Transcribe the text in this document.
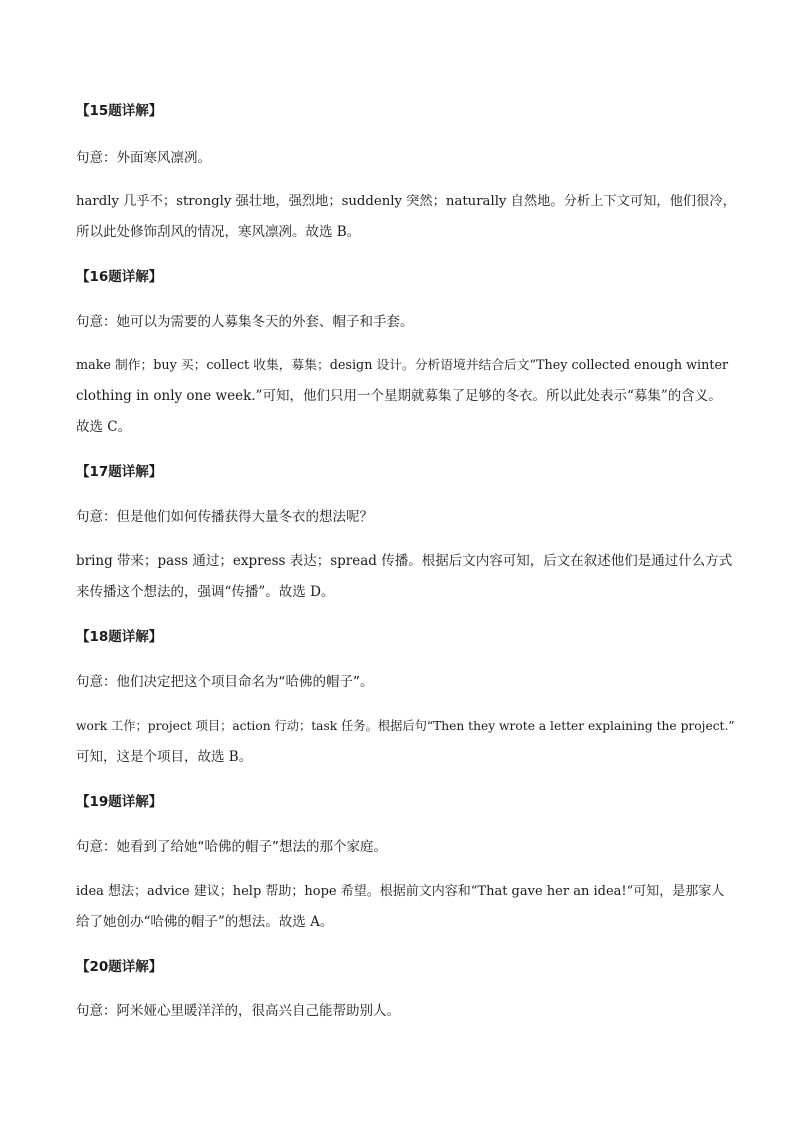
【15题详解】
句意：外面寒风凛冽。
hardly 几乎不；strongly 强壮地，强烈地；suddenly 突然；naturally 自然地。分析上下文可知，他们很冷，
所以此处修饰刮风的情况，寒风凛冽。故选 B。
【16题详解】
句意：她可以为需要的人募集冬天的外套、帽子和手套。
make 制作；buy 买；collect 收集，募集；design 设计。分析语境并结合后文“They collected enough winter
clothing in only one week.”可知，他们只用一个星期就募集了足够的冬衣。所以此处表示“募集”的含义。
故选 C。
【17题详解】
句意：但是他们如何传播获得大量冬衣的想法呢？
bring 带来；pass 通过；express 表达；spread 传播。根据后文内容可知，后文在叙述他们是通过什么方式
来传播这个想法的，强调“传播”。故选 D。
【18题详解】
句意：他们决定把这个项目命名为“哈佛的帽子”。
work 工作；project 项目；action 行动；task 任务。根据后句“Then they wrote a letter explaining the project.”
可知，这是个项目，故选 B。
【19题详解】
句意：她看到了给她“哈佛的帽子”想法的那个家庭。
idea 想法；advice 建议；help 帮助；hope 希望。根据前文内容和“That gave her an idea!”可知，是那家人
给了她创办“哈佛的帽子”的想法。故选 A。
【20题详解】
句意：阿米娅心里暖洋洋的，很高兴自己能帮助别人。
